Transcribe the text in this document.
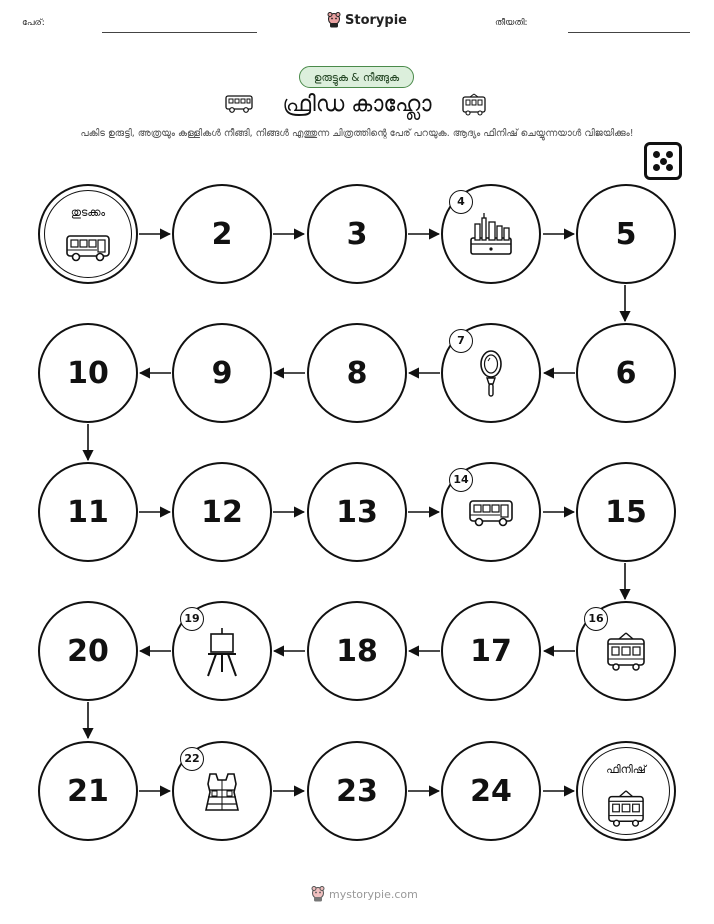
പേര്:	Storypie	തീയതി:
ഉരുട്ടുക & നീങ്ങുക
ഫ്രിഡ കാഹ്ലോ
പകിട ഉരുട്ടി, അത്രയും കള്ളികൾ നീങ്ങി, നിങ്ങൾ എത്തുന്ന ചിത്രത്തിന്റെ പേര് പറയുക. ആദ്യം ഫിനിഷ് ചെയ്യുന്നയാൾ വിജയിക്കും!
തുടക്കം
2	3
4
5
6
7
8
9
10
11	12	13
14
15
16
17
18
19
20
21
22
23	24
ഫിനിഷ്
mystorypie.com
